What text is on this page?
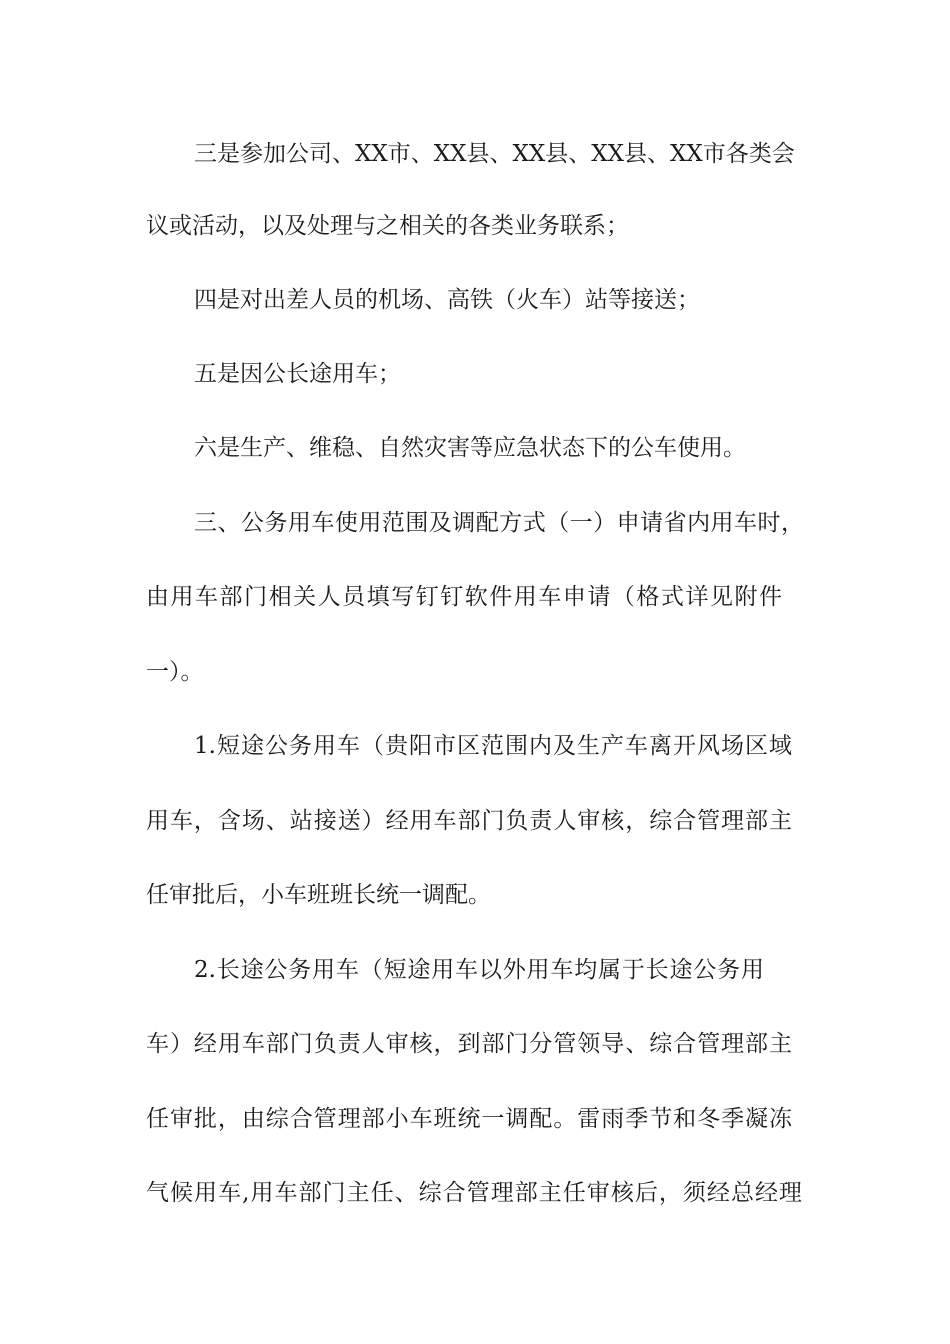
三是参加公司、XX市、XX县、XX县、XX县、XX市各类会
议或活动，以及处理与之相关的各类业务联系；
四是对出差人员的机场、高铁（火车）站等接送；
五是因公长途用车；
六是生产、维稳、自然灾害等应急状态下的公车使用。
三、公务用车使用范围及调配方式（一）申请省内用车时，
由用车部门相关人员填写钉钉软件用车申请（格式详见附件
一）。
1.短途公务用车（贵阳市区范围内及生产车离开风场区域
用车，含场、站接送）经用车部门负责人审核，综合管理部主
任审批后，小车班班长统一调配。
2.长途公务用车（短途用车以外用车均属于长途公务用
车）经用车部门负责人审核，到部门分管领导、综合管理部主
任审批，由综合管理部小车班统一调配。雷雨季节和冬季凝冻
气候用车,用车部门主任、综合管理部主任审核后，须经总经理
